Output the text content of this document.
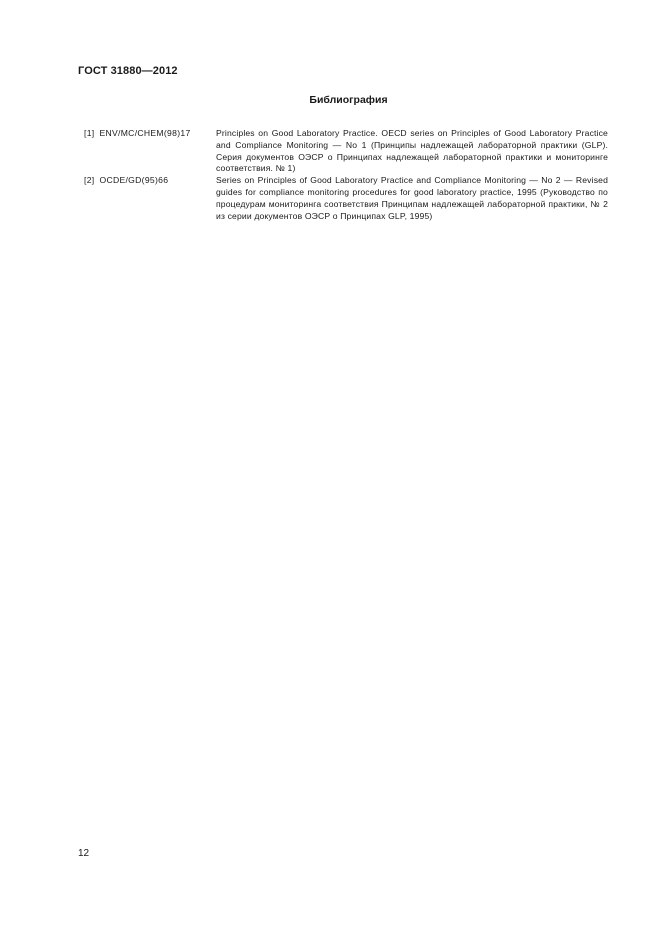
ГОСТ 31880—2012
Библиография
[1] ENV/MC/CHEM(98)17	Principles on Good Laboratory Practice. OECD series on Principles of Good Laboratory Practice and Compliance Monitoring — No 1 (Принципы надлежащей лабораторной практики (GLP). Серия документов ОЭСР о Принципах надлежащей лабораторной практики и мониторинге соответствия. № 1)
[2] OCDE/GD(95)66	Series on Principles of Good Laboratory Practice and Compliance Monitoring — No 2 — Revised guides for compliance monitoring procedures for good laboratory practice, 1995 (Руководство по процедурам мониторинга соответствия Принципам надлежащей лабораторной практики, № 2 из серии документов ОЭСР о Принципах GLP, 1995)
12
